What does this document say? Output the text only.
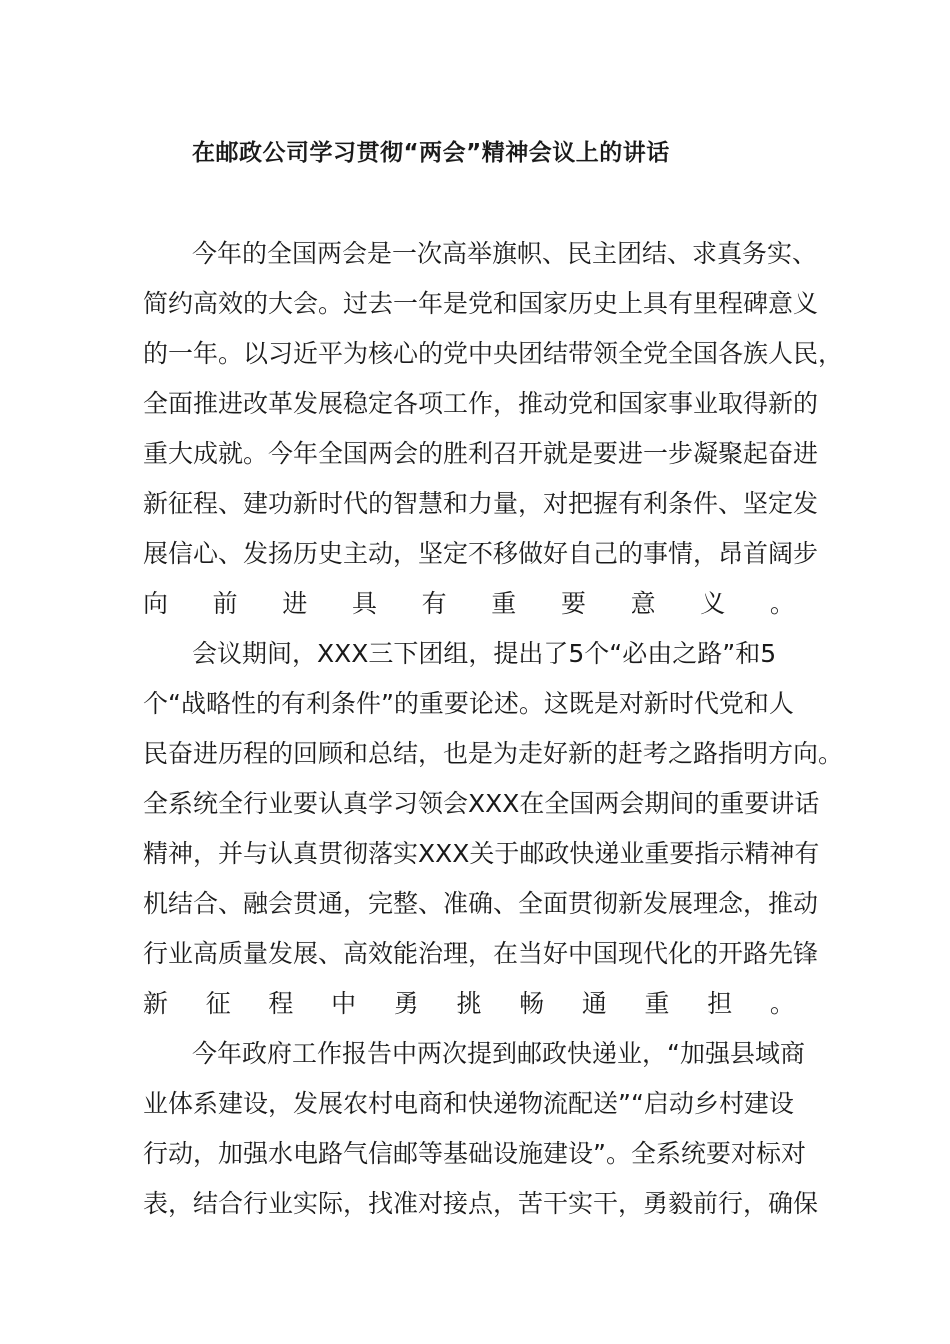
在邮政公司学习贯彻“两会”精神会议上的讲话
今年的全国两会是一次高举旗帜、民主团结、求真务实、
简约高效的大会。过去一年是党和国家历史上具有里程碑意义
的一年。以习近平为核心的党中央团结带领全党全国各族人民，
全面推进改革发展稳定各项工作，推动党和国家事业取得新的
重大成就。今年全国两会的胜利召开就是要进一步凝聚起奋进
新征程、建功新时代的智慧和力量，对把握有利条件、坚定发
展信心、发扬历史主动，坚定不移做好自己的事情，昂首阔步
向 前 进 具 有 重 要 意 义 。
会议期间，XXX三下团组，提出了5个“必由之路”和5
个“战略性的有利条件”的重要论述。这既是对新时代党和人
民奋进历程的回顾和总结，也是为走好新的赶考之路指明方向。
全系统全行业要认真学习领会XXX在全国两会期间的重要讲话
精神，并与认真贯彻落实XXX关于邮政快递业重要指示精神有
机结合、融会贯通，完整、准确、全面贯彻新发展理念，推动
行业高质量发展、高效能治理，在当好中国现代化的开路先锋
新 征 程 中 勇 挑 畅 通 重 担 。
今年政府工作报告中两次提到邮政快递业，“加强县域商
业体系建设，发展农村电商和快递物流配送”“启动乡村建设
行动，加强水电路气信邮等基础设施建设”。全系统要对标对
表，结合行业实际，找准对接点，苦干实干，勇毅前行，确保
